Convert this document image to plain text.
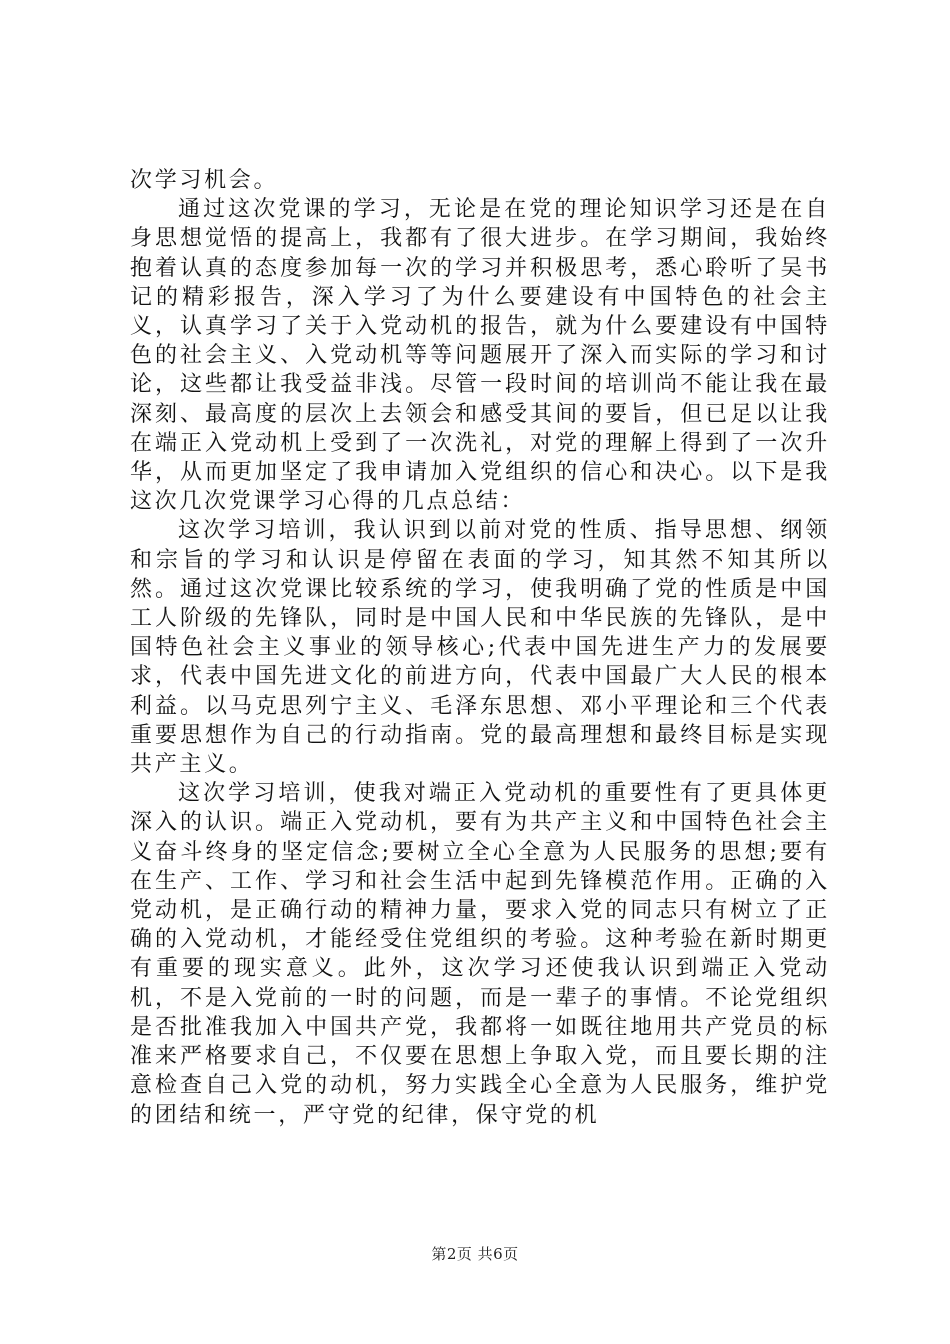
次学习机会。

通过这次党课的学习，无论是在党的理论知识学习还是在自身思想觉悟的提高上，我都有了很大进步。在学习期间，我始终抱着认真的态度参加每一次的学习并积极思考，悉心聆听了吴书记的精彩报告，深入学习了为什么要建设有中国特色的社会主义，认真学习了关于入党动机的报告，就为什么要建设有中国特色的社会主义、入党动机等等问题展开了深入而实际的学习和讨论，这些都让我受益非浅。尽管一段时间的培训尚不能让我在最深刻、最高度的层次上去领会和感受其间的要旨，但已足以让我在端正入党动机上受到了一次洗礼，对党的理解上得到了一次升华，从而更加坚定了我申请加入党组织的信心和决心。以下是我这次几次党课学习心得的几点总结：

这次学习培训，我认识到以前对党的性质、指导思想、纲领和宗旨的学习和认识是停留在表面的学习，知其然不知其所以然。通过这次党课比较系统的学习，使我明确了党的性质是中国工人阶级的先锋队，同时是中国人民和中华民族的先锋队，是中国特色社会主义事业的领导核心;代表中国先进生产力的发展要求，代表中国先进文化的前进方向，代表中国最广大人民的根本利益。以马克思列宁主义、毛泽东思想、邓小平理论和三个代表重要思想作为自己的行动指南。党的最高理想和最终目标是实现共产主义。

这次学习培训，使我对端正入党动机的重要性有了更具体更深入的认识。端正入党动机，要有为共产主义和中国特色社会主义奋斗终身的坚定信念;要树立全心全意为人民服务的思想;要有在生产、工作、学习和社会生活中起到先锋模范作用。正确的入党动机，是正确行动的精神力量，要求入党的同志只有树立了正确的入党动机，才能经受住党组织的考验。这种考验在新时期更有重要的现实意义。此外，这次学习还使我认识到端正入党动机，不是入党前的一时的问题，而是一辈子的事情。不论党组织是否批准我加入中国共产党，我都将一如既往地用共产党员的标准来严格要求自己，不仅要在思想上争取入党，而且要长期的注意检查自己入党的动机，努力实践全心全意为人民服务，维护党的团结和统一，严守党的纪律，保守党的机

第2页 共6页
